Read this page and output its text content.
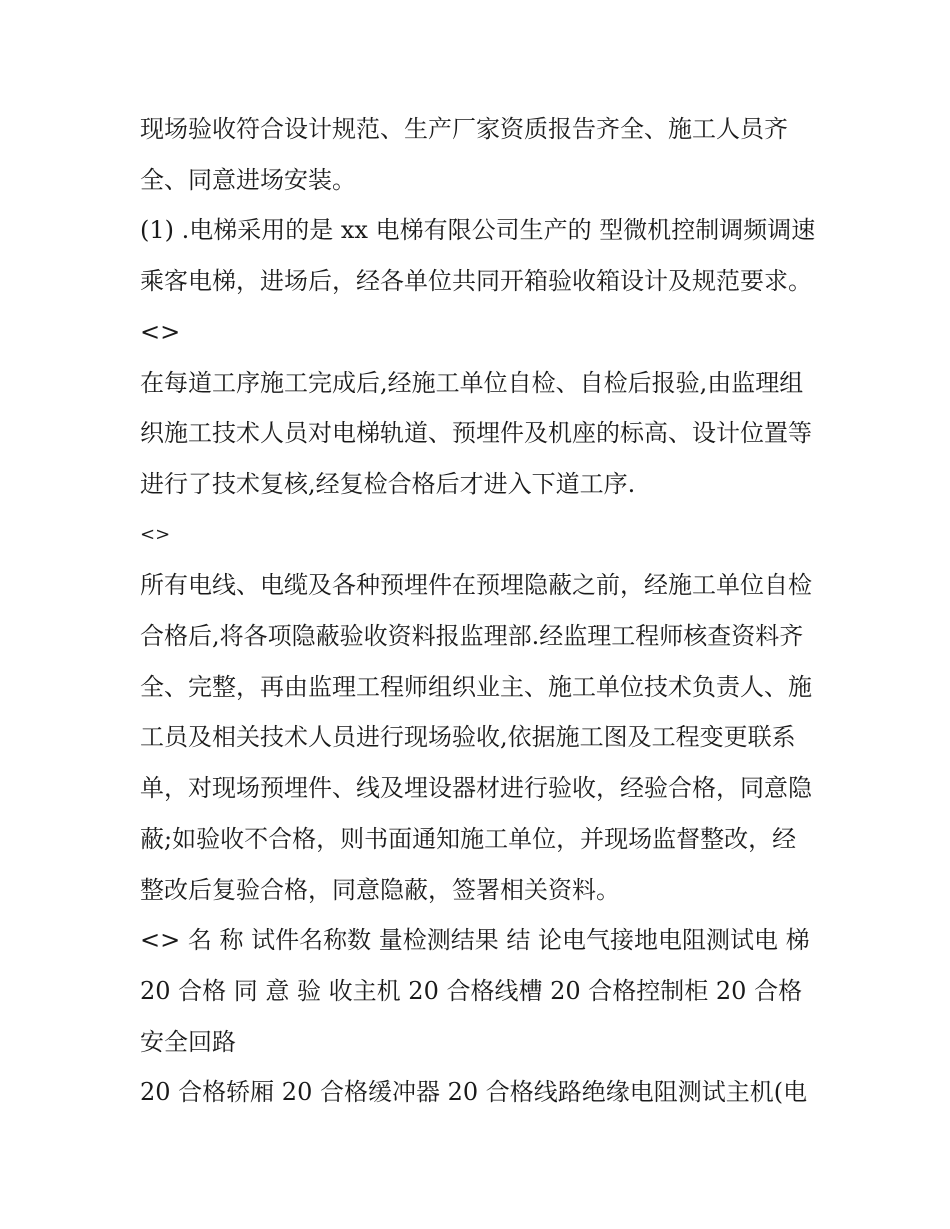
现场验收符合设计规范、生产厂家资质报告齐全、施工人员齐全、同意进场安装。

(1) .电梯采用的是 xx 电梯有限公司生产的 型微机控制调频调速乘客电梯，进场后，经各单位共同开箱验收箱设计及规范要求。 <>

在每道工序施工完成后,经施工单位自检、自检后报验,由监理组织施工技术人员对电梯轨道、预埋件及机座的标高、设计位置等进行了技术复核,经复检合格后才进入下道工序.

<>

所有电线、电缆及各种预埋件在预埋隐蔽之前，经施工单位自检合格后,将各项隐蔽验收资料报监理部.经监理工程师核查资料齐全、完整，再由监理工程师组织业主、施工单位技术负责人、施工员及相关技术人员进行现场验收,依据施工图及工程变更联系单，对现场预埋件、线及埋设器材进行验收，经验合格，同意隐蔽;如验收不合格，则书面通知施工单位，并现场监督整改，经整改后复验合格，同意隐蔽，签署相关资料。

<> 名 称 试件名称数 量检测结果 结 论电气接地电阻测试电 梯 20 合格 同 意 验 收主机 20 合格线槽 20 合格控制柜 20 合格安全回路

20 合格轿厢 20 合格缓冲器 20 合格线路绝缘电阻测试主机(电
